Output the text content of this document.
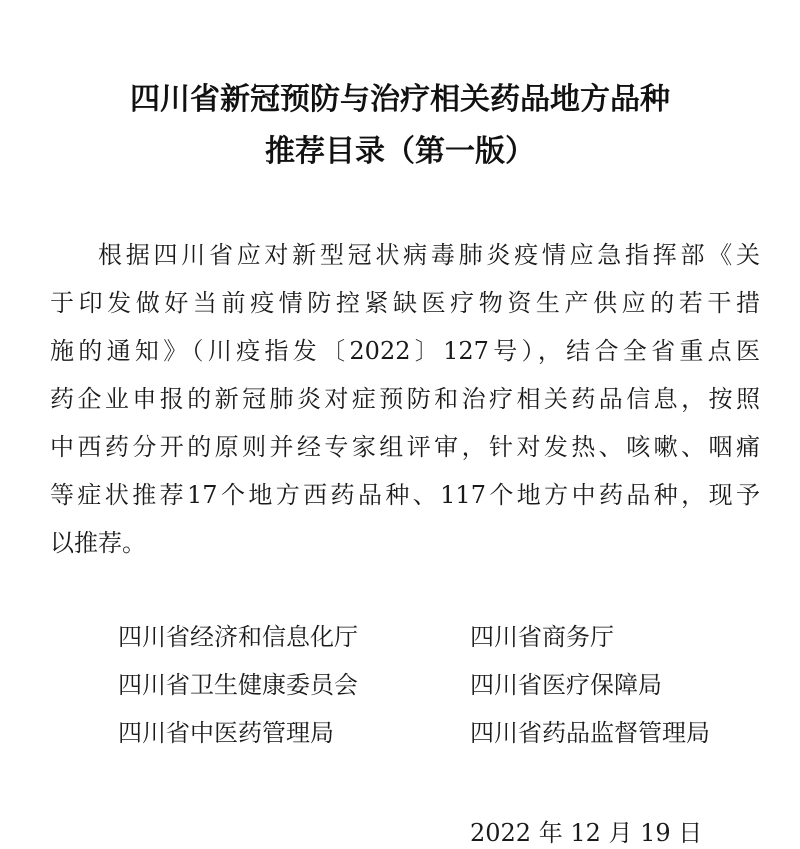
四川省新冠预防与治疗相关药品地方品种
推荐目录（第一版）
根据四川省应对新型冠状病毒肺炎疫情应急指挥部《关
于印发做好当前疫情防控紧缺医疗物资生产供应的若干措
施的通知》（川疫指发〔2022〕127号），结合全省重点医
药企业申报的新冠肺炎对症预防和治疗相关药品信息，按照
中西药分开的原则并经专家组评审，针对发热、咳嗽、咽痛
等症状推荐17个地方西药品种、117个地方中药品种，现予
以推荐。
四川省经济和信息化厅	四川省商务厅
四川省卫生健康委员会	四川省医疗保障局
四川省中医药管理局	四川省药品监督管理局
2022 年 12 月 19 日
